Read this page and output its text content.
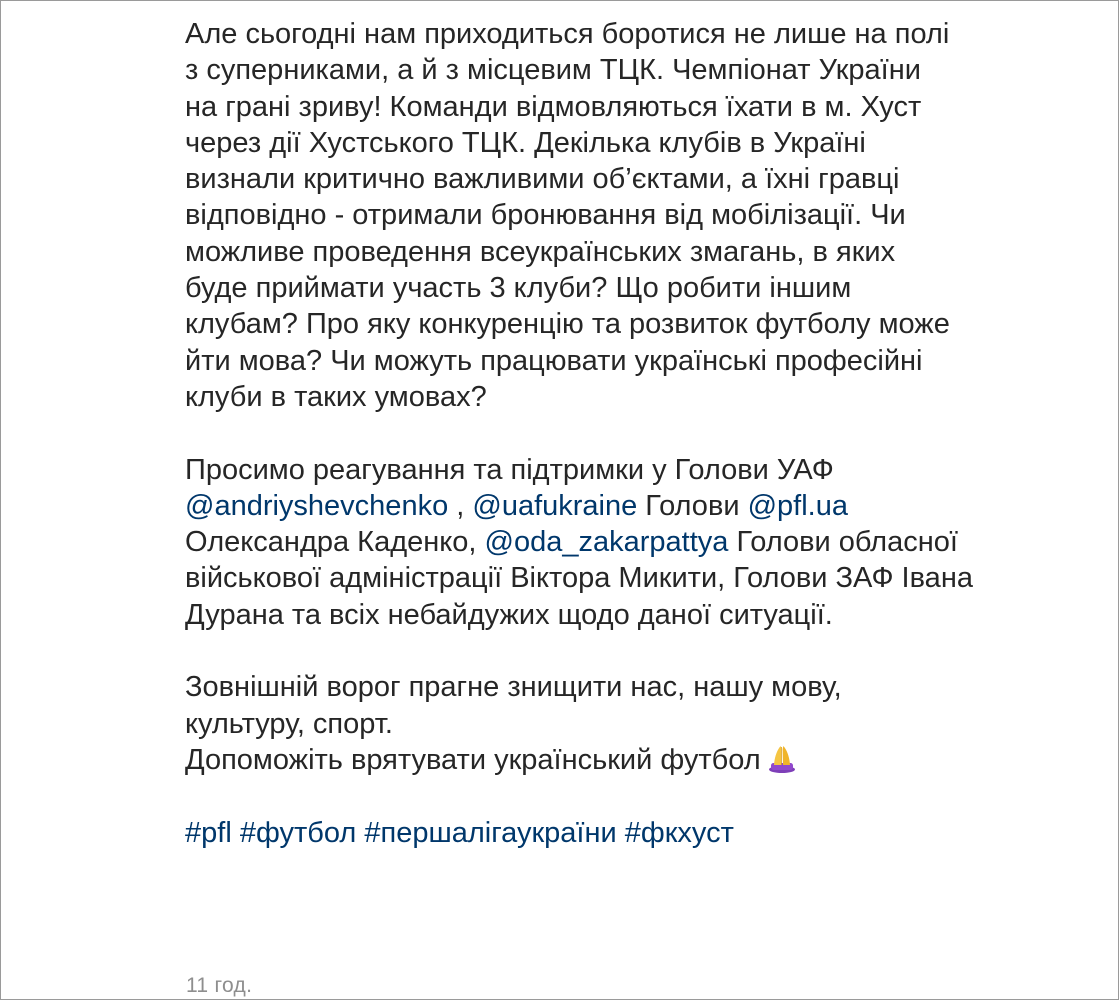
Але сьогодні нам приходиться боротися не лише на полі
з суперниками, а й з місцевим ТЦК. Чемпіонат України
на грані зриву! Команди відмовляються їхати в м. Хуст
через дії Хустського ТЦК. Декілька клубів в Україні
визнали критично важливими об’єктами, а їхні гравці
відповідно - отримали бронювання від мобілізації. Чи
можливе проведення всеукраїнських змагань, в яких
буде приймати участь 3 клуби? Що робити іншим
клубам? Про яку конкуренцію та розвиток футболу може
йти мова? Чи можуть працювати українські професійні
клуби в таких умовах?
Просимо реагування та підтримки у Голови УАФ
@andriyshevchenko , @uafukraine Голови @pfl.ua
Олександра Каденко, @oda_zakarpattya Голови обласної
військової адміністрації Віктора Микити, Голови ЗАФ Івана
Дурана та всіх небайдужих щодо даної ситуації.
Зовнішній ворог прагне знищити нас, нашу мову,
культуру, спорт.
Допоможіть врятувати український футбол
#pfl #футбол #першалігаукраїни #фкхуст
11 год.
